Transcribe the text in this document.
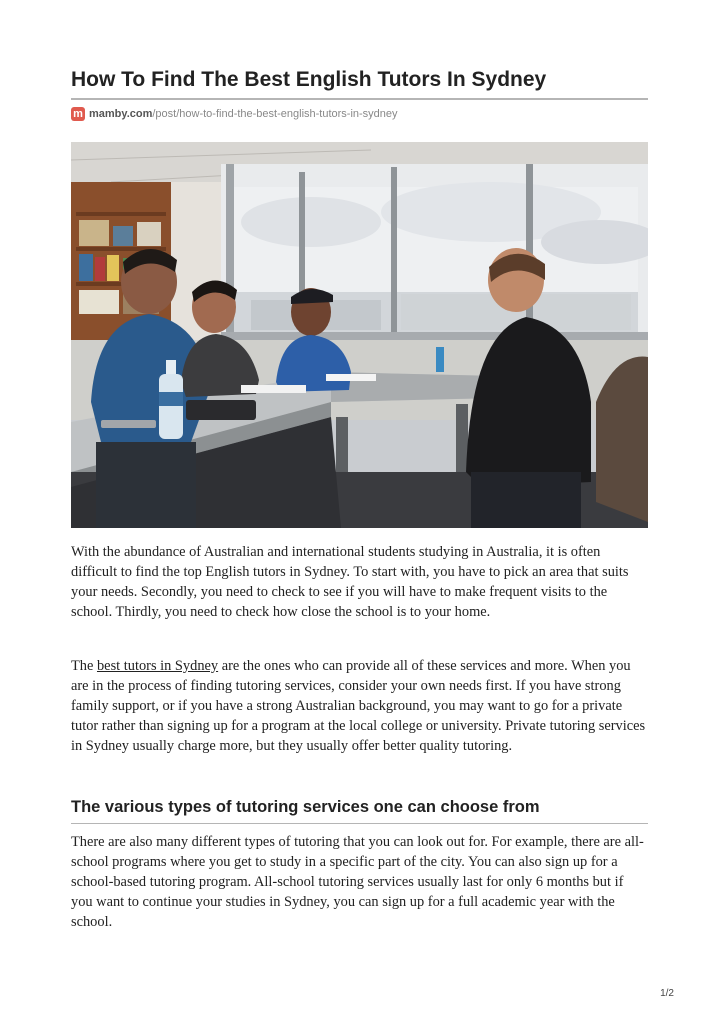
How To Find The Best English Tutors In Sydney
m mamby.com /post/how-to-find-the-best-english-tutors-in-sydney

With the abundance of Australian and international students studying in Australia, it is often difficult to find the top English tutors in Sydney. To start with, you have to pick an area that suits your needs. Secondly, you need to check to see if you will have to make frequent visits to the school. Thirdly, you need to check how close the school is to your home.

The best tutors in Sydney are the ones who can provide all of these services and more. When you are in the process of finding tutoring services, consider your own needs first. If you have strong family support, or if you have a strong Australian background, you may want to go for a private tutor rather than signing up for a program at the local college or university. Private tutoring services in Sydney usually charge more, but they usually offer better quality tutoring.

The various types of tutoring services one can choose from

There are also many different types of tutoring that you can look out for. For example, there are all-school programs where you get to study in a specific part of the city. You can also sign up for a school-based tutoring program. All-school tutoring services usually last for only 6 months but if you want to continue your studies in Sydney, you can sign up for a full academic year with the school.

1/2
